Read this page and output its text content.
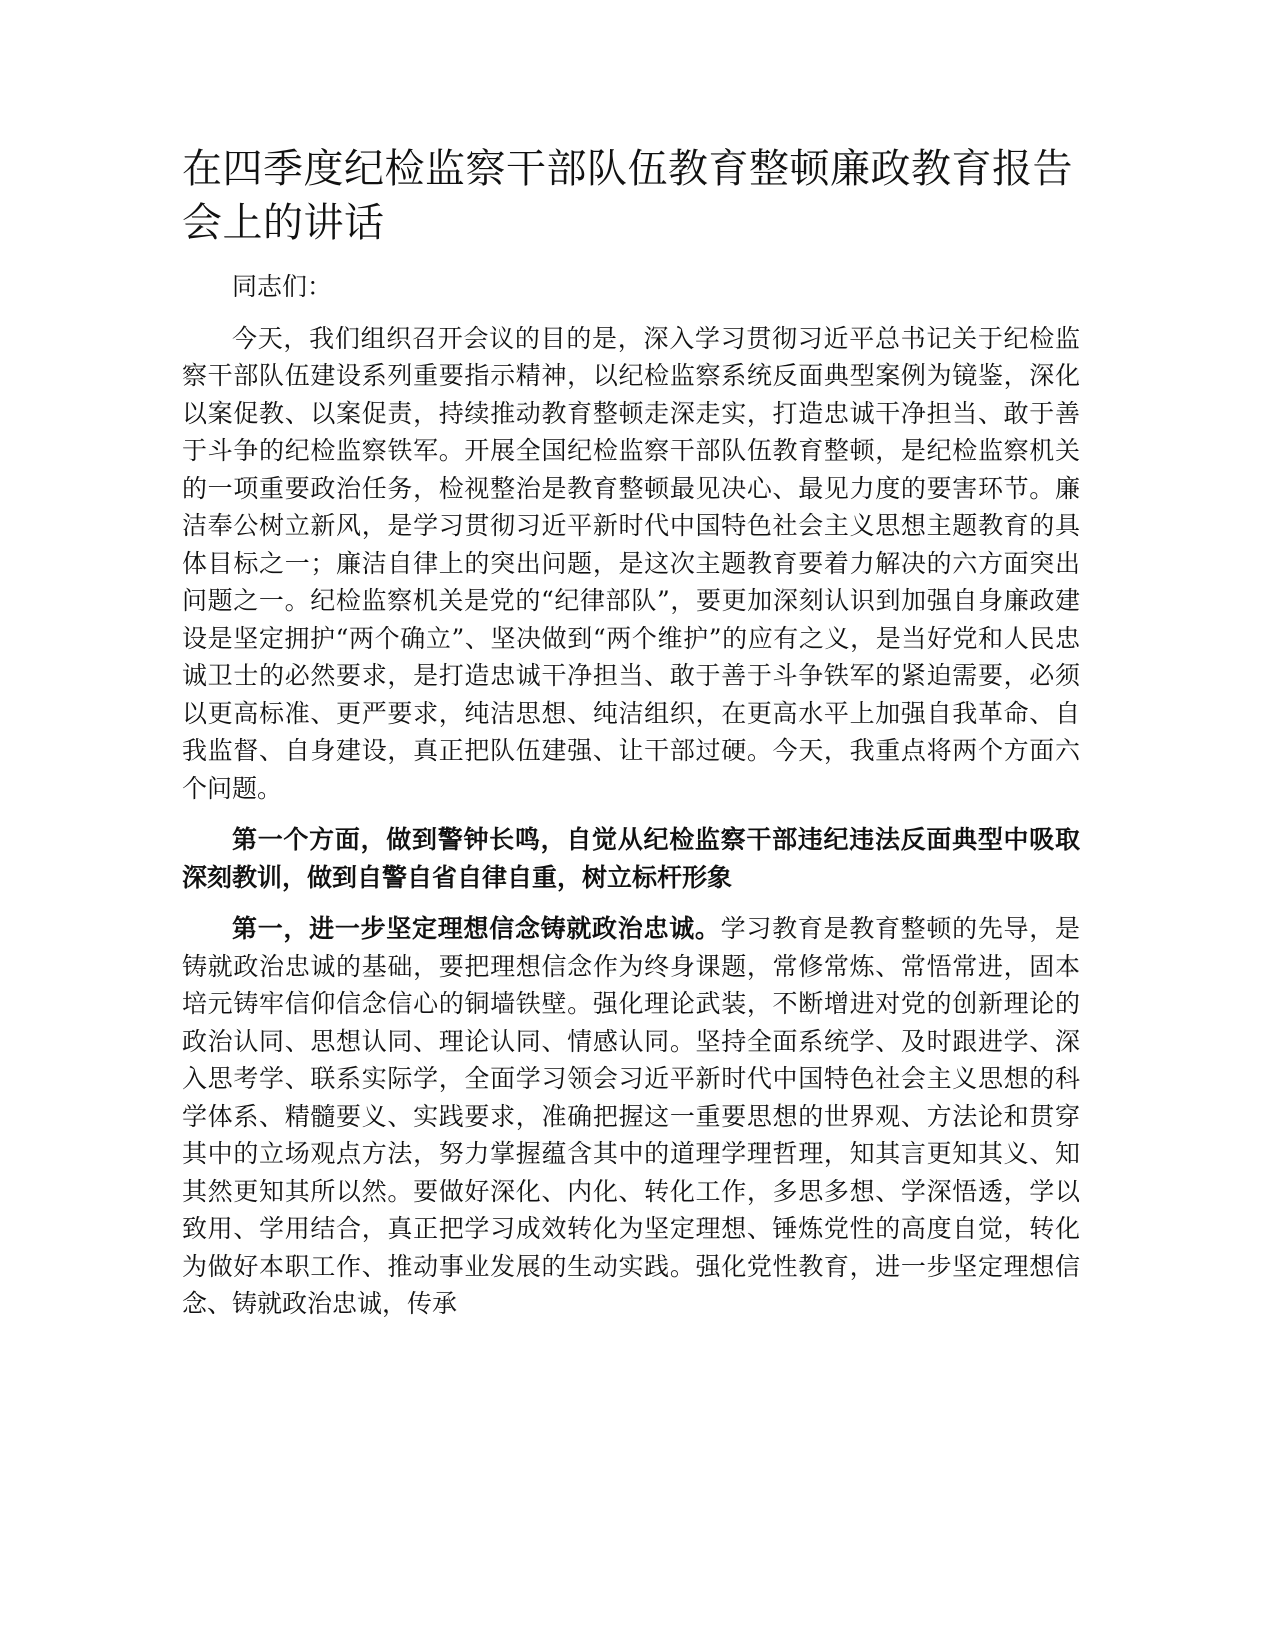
在四季度纪检监察干部队伍教育整顿廉政教育报告会上的讲话

同志们：

今天，我们组织召开会议的目的是，深入学习贯彻习近平总书记关于纪检监察干部队伍建设系列重要指示精神，以纪检监察系统反面典型案例为镜鉴，深化以案促教、以案促责，持续推动教育整顿走深走实，打造忠诚干净担当、敢于善于斗争的纪检监察铁军。开展全国纪检监察干部队伍教育整顿，是纪检监察机关的一项重要政治任务，检视整治是教育整顿最见决心、最见力度的要害环节。廉洁奉公树立新风，是学习贯彻习近平新时代中国特色社会主义思想主题教育的具体目标之一；廉洁自律上的突出问题，是这次主题教育要着力解决的六方面突出问题之一。纪检监察机关是党的“纪律部队”，要更加深刻认识到加强自身廉政建设是坚定拥护“两个确立”、坚决做到“两个维护”的应有之义，是当好党和人民忠诚卫士的必然要求，是打造忠诚干净担当、敢于善于斗争铁军的紧迫需要，必须以更高标准、更严要求，纯洁思想、纯洁组织，在更高水平上加强自我革命、自我监督、自身建设，真正把队伍建强、让干部过硬。今天，我重点将两个方面六个问题。

第一个方面，做到警钟长鸣，自觉从纪检监察干部违纪违法反面典型中吸取深刻教训，做到自警自省自律自重，树立标杆形象

第一，进一步坚定理想信念铸就政治忠诚。学习教育是教育整顿的先导，是铸就政治忠诚的基础，要把理想信念作为终身课题，常修常炼、常悟常进，固本培元铸牢信仰信念信心的铜墙铁壁。强化理论武装，不断增进对党的创新理论的政治认同、思想认同、理论认同、情感认同。坚持全面系统学、及时跟进学、深入思考学、联系实际学，全面学习领会习近平新时代中国特色社会主义思想的科学体系、精髓要义、实践要求，准确把握这一重要思想的世界观、方法论和贯穿其中的立场观点方法，努力掌握蕴含其中的道理学理哲理，知其言更知其义、知其然更知其所以然。要做好深化、内化、转化工作，多思多想、学深悟透，学以致用、学用结合，真正把学习成效转化为坚定理想、锤炼党性的高度自觉，转化为做好本职工作、推动事业发展的生动实践。强化党性教育，进一步坚定理想信念、铸就政治忠诚，传承
